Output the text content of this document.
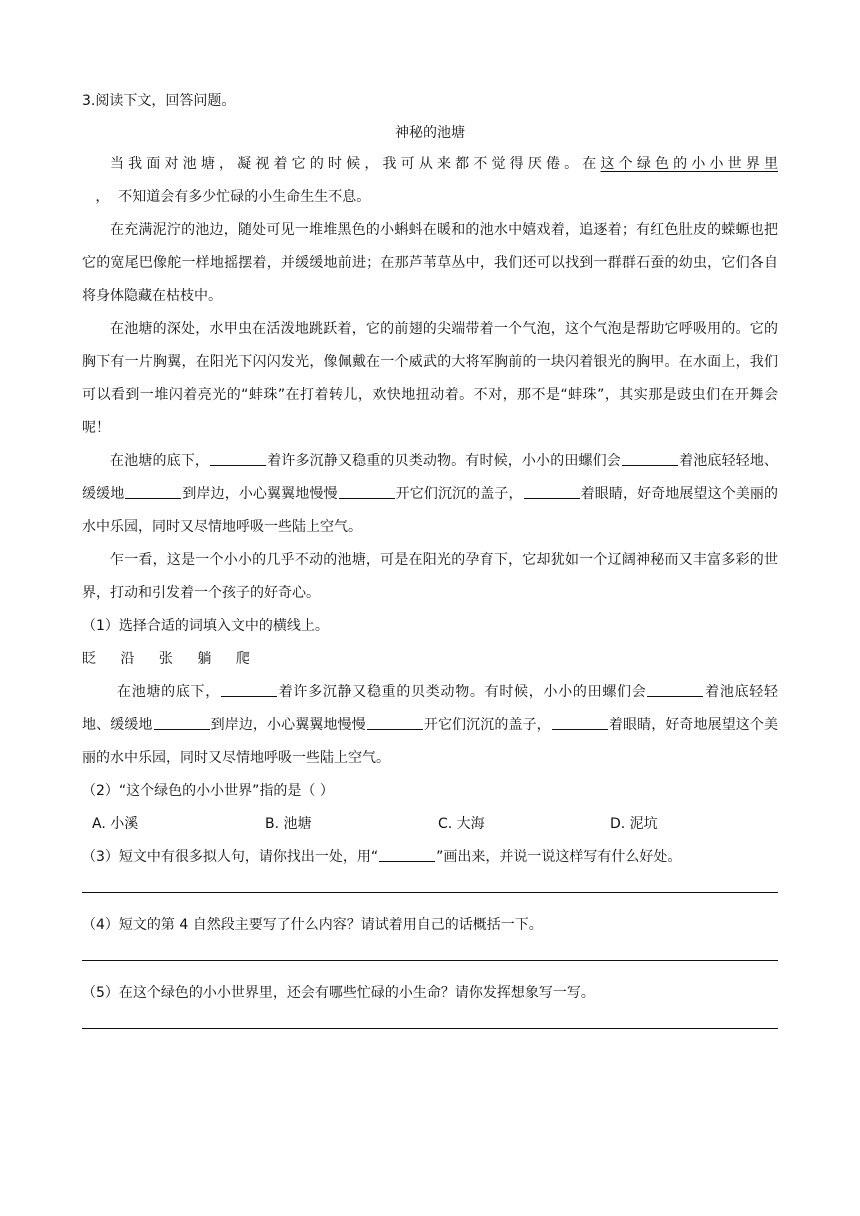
3.阅读下文，回答问题。
神秘的池塘

当我面对池塘，凝视着它的时候，我可从来都不觉得厌倦。在这个绿色的小小世界里   ，  不知道会有多少忙碌的小生命生生不息。

在充满泥泞的池边，随处可见一堆堆黑色的小蝌蚪在暖和的池水中嬉戏着，追逐着；有红色肚皮的蝾螈也把它的宽尾巴像舵一样地摇摆着，并缓缓地前进；在那芦苇草丛中，我们还可以找到一群群石蚕的幼虫，它们各自将身体隐藏在枯枝中。

在池塘的深处，水甲虫在活泼地跳跃着，它的前翅的尖端带着一个气泡，这个气泡是帮助它呼吸用的。它的胸下有一片胸翼，在阳光下闪闪发光，像佩戴在一个威武的大将军胸前的一块闪着银光的胸甲。在水面上，我们可以看到一堆闪着亮光的“蚌珠”在打着转儿，欢快地扭动着。不对，那不是“蚌珠”，其实那是豉虫们在开舞会呢！

在池塘的底下，	着许多沉静又稳重的贝类动物。有时候，小小的田螺们会	着池底轻轻地、缓缓地	到岸边，小心翼翼地慢慢	开它们沉沉的盖子，	着眼睛，好奇地展望这个美丽的水中乐园，同时又尽情地呼吸一些陆上空气。

乍一看，这是一个小小的几乎不动的池塘，可是在阳光的孕育下，它却犹如一个辽阔神秘而又丰富多彩的世界，打动和引发着一个孩子的好奇心。

（1）选择合适的词填入文中的横线上。
眨 沿 张 躺 爬

在池塘的底下，	着许多沉静又稳重的贝类动物。有时候，小小的田螺们会	着池底轻轻地、缓缓地	到岸边，小心翼翼地慢慢	开它们沉沉的盖子，	着眼睛，好奇地展望这个美丽的水中乐园，同时又尽情地呼吸一些陆上空气。

（2）“这个绿色的小小世界”指的是（ ）
A. 小溪	B. 池塘	C. 大海	D. 泥坑
（3）短文中有很多拟人句，请你找出一处，用“	”画出来，并说一说这样写有什么好处。
（4）短文的第 4 自然段主要写了什么内容？请试着用自己的话概括一下。
（5）在这个绿色的小小世界里，还会有哪些忙碌的小生命？请你发挥想象写一写。
